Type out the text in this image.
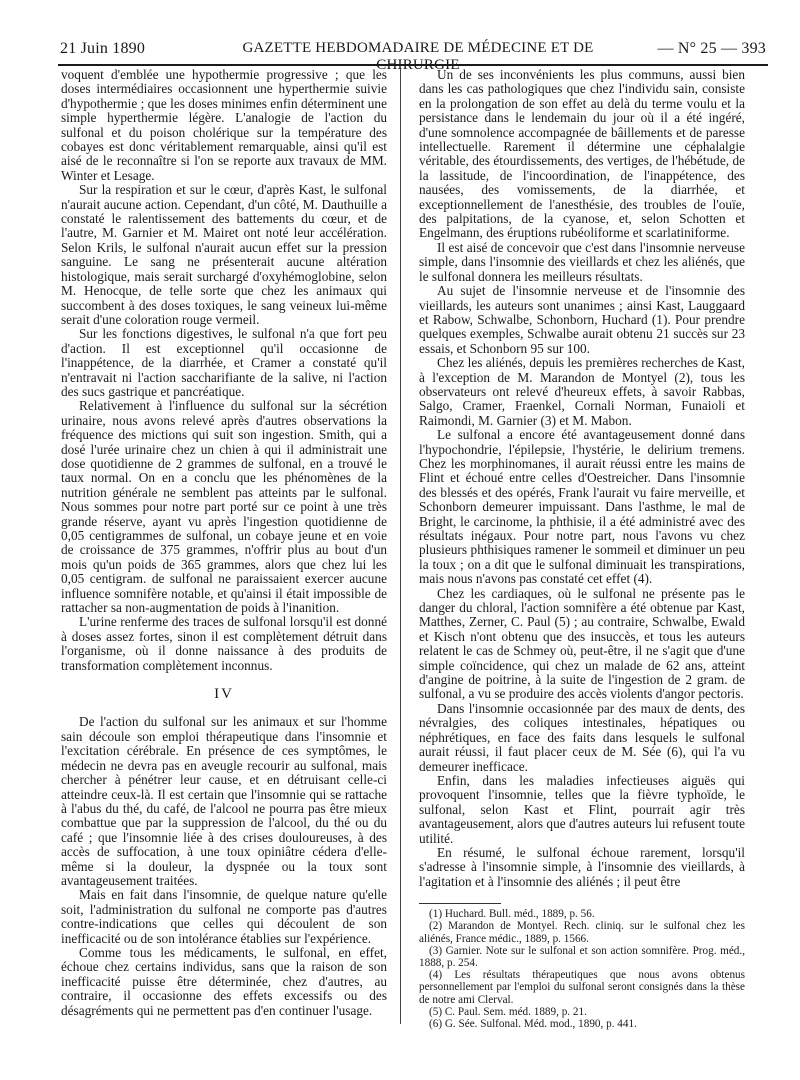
21 Juin 1890	GAZETTE HEBDOMADAIRE DE MÉDECINE ET DE CHIRURGIE
— N° 25 — 393

voquent d'emblée une hypothermie progressive ; que les doses intermédiaires occasionnent une hyperthermie suivie d'hypothermie ; que les doses minimes enfin déterminent une simple hyperthermie légère. L'analogie de l'action du sulfonal et du poison cholérique sur la température des cobayes est donc véritablement remarquable, ainsi qu'il est aisé de le reconnaître si l'on se reporte aux travaux de MM. Winter et Lesage.

Sur la respiration et sur le cœur, d'après Kast, le sulfonal n'aurait aucune action. Cependant, d'un côté, M. Dauthuille a constaté le ralentissement des battements du cœur, et de l'autre, M. Garnier et M. Mairet ont noté leur accélération. Selon Krils, le sulfonal n'aurait aucun effet sur la pression sanguine. Le sang ne présenterait aucune altération histologique, mais serait surchargé d'oxyhémoglobine, selon M. Henocque, de telle sorte que chez les animaux qui succombent à des doses toxiques, le sang veineux lui-même serait d'une coloration rouge vermeil.

Sur les fonctions digestives, le sulfonal n'a que fort peu d'action. Il est exceptionnel qu'il occasionne de l'inappétence, de la diarrhée, et Cramer a constaté qu'il n'entravait ni l'action saccharifiante de la salive, ni l'action des sucs gastrique et pancréatique.

Relativement à l'influence du sulfonal sur la sécrétion urinaire, nous avons relevé après d'autres observations la fréquence des mictions qui suit son ingestion. Smith, qui a dosé l'urée urinaire chez un chien à qui il administrait une dose quotidienne de 2 grammes de sulfonal, en a trouvé le taux normal. On en a conclu que les phénomènes de la nutrition générale ne semblent pas atteints par le sulfonal. Nous sommes pour notre part porté sur ce point à une très grande réserve, ayant vu après l'ingestion quotidienne de 0,05 centigrammes de sulfonal, un cobaye jeune et en voie de croissance de 375 grammes, n'offrir plus au bout d'un mois qu'un poids de 365 grammes, alors que chez lui les 0,05 centigram. de sulfonal ne paraissaient exercer aucune influence somnifère notable, et qu'ainsi il était impossible de rattacher sa non-augmentation de poids à l'inanition.

L'urine renferme des traces de sulfonal lorsqu'il est donné à doses assez fortes, sinon il est complètement détruit dans l'organisme, où il donne naissance à des produits de transformation complètement inconnus.

IV

De l'action du sulfonal sur les animaux et sur l'homme sain découle son emploi thérapeutique dans l'insomnie et l'excitation cérébrale. En présence de ces symptômes, le médecin ne devra pas en aveugle recourir au sulfonal, mais chercher à pénétrer leur cause, et en détruisant celle-ci atteindre ceux-là. Il est certain que l'insomnie qui se rattache à l'abus du thé, du café, de l'alcool ne pourra pas être mieux combattue que par la suppression de l'alcool, du thé ou du café ; que l'insomnie liée à des crises douloureuses, à des accès de suffocation, à une toux opiniâtre cédera d'elle-même si la douleur, la dyspnée ou la toux sont avantageusement traitées.

Mais en fait dans l'insomnie, de quelque nature qu'elle soit, l'administration du sulfonal ne comporte pas d'autres contre-indications que celles qui découlent de son inefficacité ou de son intolérance établies sur l'expérience.

Comme tous les médicaments, le sulfonal, en effet, échoue chez certains individus, sans que la raison de son inefficacité puisse être déterminée, chez d'autres, au contraire, il occasionne des effets excessifs ou des désagréments qui ne permettent pas d'en continuer l'usage.

Un de ses inconvénients les plus communs, aussi bien dans les cas pathologiques que chez l'individu sain, consiste en la prolongation de son effet au delà du terme voulu et la persistance dans le lendemain du jour où il a été ingéré, d'une somnolence accompagnée de bâillements et de paresse intellectuelle. Rarement il détermine une céphalalgie véritable, des étourdissements, des vertiges, de l'hébétude, de la lassitude, de l'incoordination, de l'inappétence, des nausées, des vomissements, de la diarrhée, et exceptionnellement de l'anesthésie, des troubles de l'ouïe, des palpitations, de la cyanose, et, selon Schotten et Engelmann, des éruptions rubéoliforme et scarlatiniforme.

Il est aisé de concevoir que c'est dans l'insomnie nerveuse simple, dans l'insomnie des vieillards et chez les aliénés, que le sulfonal donnera les meilleurs résultats.

Au sujet de l'insomnie nerveuse et de l'insomnie des vieillards, les auteurs sont unanimes ; ainsi Kast, Lauggaard et Rabow, Schwalbe, Schonborn, Huchard (1). Pour prendre quelques exemples, Schwalbe aurait obtenu 21 succès sur 23 essais, et Schonborn 95 sur 100.

Chez les aliénés, depuis les premières recherches de Kast, à l'exception de M. Marandon de Montyel (2), tous les observateurs ont relevé d'heureux effets, à savoir Rabbas, Salgo, Cramer, Fraenkel, Cornali Norman, Funaioli et Raimondi, M. Garnier (3) et M. Mabon.

Le sulfonal a encore été avantageusement donné dans l'hypochondrie, l'épilepsie, l'hystérie, le delirium tremens. Chez les morphinomanes, il aurait réussi entre les mains de Flint et échoué entre celles d'Oestreicher. Dans l'insomnie des blessés et des opérés, Frank l'aurait vu faire merveille, et Schonborn demeurer impuissant. Dans l'asthme, le mal de Bright, le carcinome, la phthisie, il a été administré avec des résultats inégaux. Pour notre part, nous l'avons vu chez plusieurs phthisiques ramener le sommeil et diminuer un peu la toux ; on a dit que le sulfonal diminuait les transpirations, mais nous n'avons pas constaté cet effet (4).

Chez les cardiaques, où le sulfonal ne présente pas le danger du chloral, l'action somnifère a été obtenue par Kast, Matthes, Zerner, C. Paul (5) ; au contraire, Schwalbe, Ewald et Kisch n'ont obtenu que des insuccès, et tous les auteurs relatent le cas de Schmey où, peut-être, il ne s'agit que d'une simple coïncidence, qui chez un malade de 62 ans, atteint d'angine de poitrine, à la suite de l'ingestion de 2 gram. de sulfonal, a vu se produire des accès violents d'angor pectoris.

Dans l'insomnie occasionnée par des maux de dents, des névralgies, des coliques intestinales, hépatiques ou néphrétiques, en face des faits dans lesquels le sulfonal aurait réussi, il faut placer ceux de M. Sée (6), qui l'a vu demeurer inefficace.

Enfin, dans les maladies infectieuses aiguës qui provoquent l'insomnie, telles que la fièvre typhoïde, le sulfonal, selon Kast et Flint, pourrait agir très avantageusement, alors que d'autres auteurs lui refusent toute utilité.

En résumé, le sulfonal échoue rarement, lorsqu'il s'adresse à l'insomnie simple, à l'insomnie des vieillards, à l'agitation et à l'insomnie des aliénés ; il peut être

(1) Huchard. Bull. méd., 1889, p. 56.

(2) Marandon de Montyel. Rech. cliniq. sur le sulfonal chez les aliénés, France médic., 1889, p. 1566.

(3) Garnier. Note sur le sulfonal et son action somnifère. Prog. méd., 1888, p. 254.

(4) Les résultats thérapeutiques que nous avons obtenus personnellement par l'emploi du sulfonal seront consignés dans la thèse de notre ami Clerval.

(5) C. Paul. Sem. méd. 1889, p. 21.

(6) G. Sée. Sulfonal. Méd. mod., 1890, p. 441.
